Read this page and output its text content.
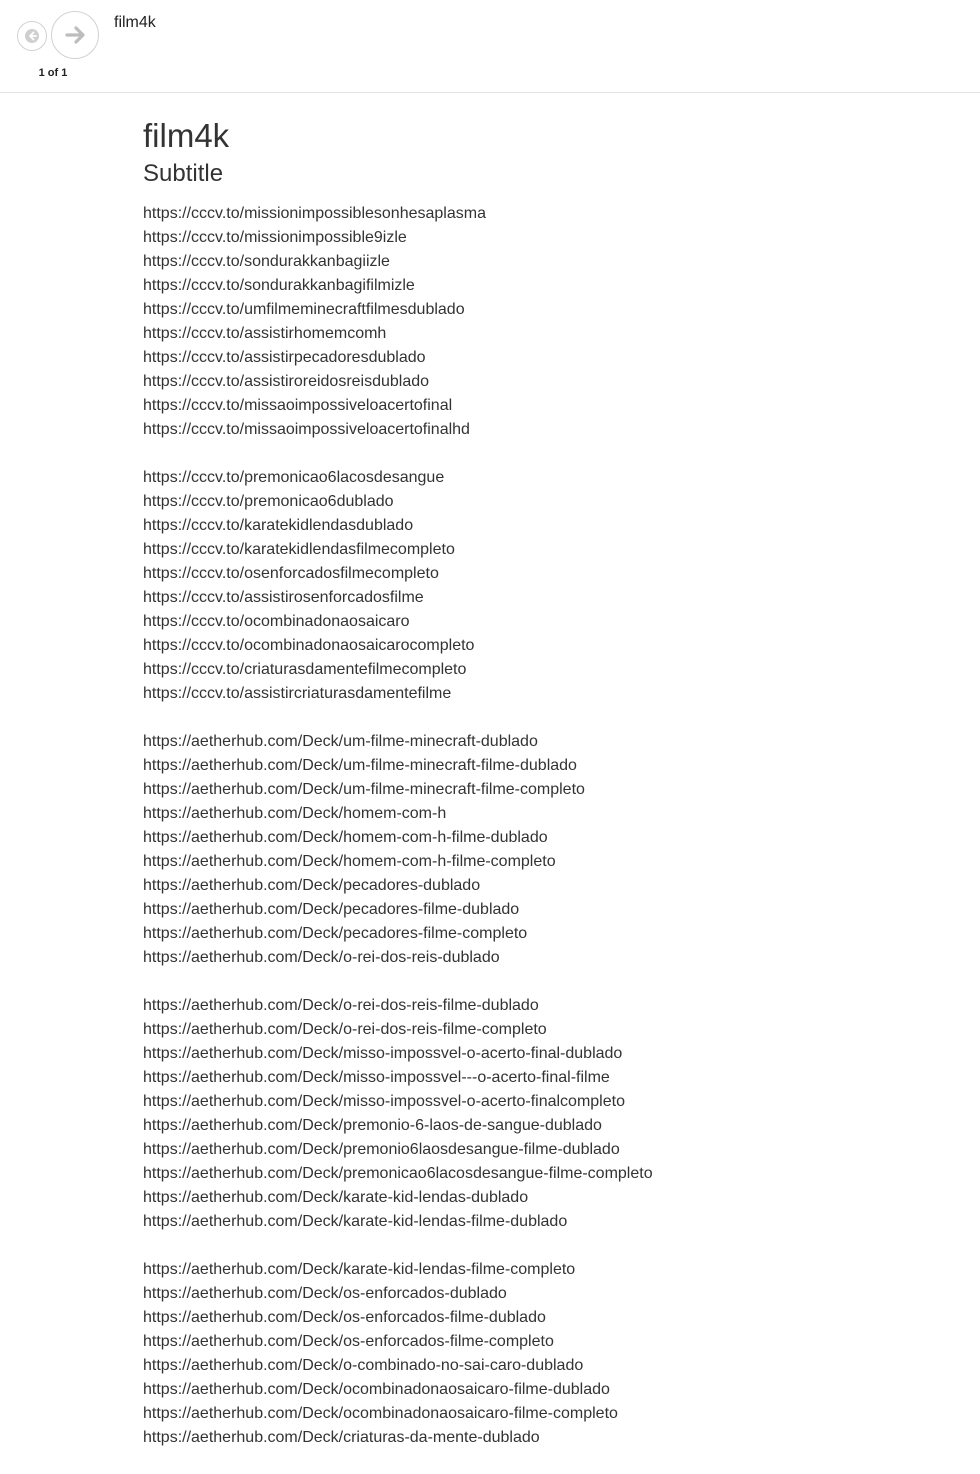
1 of 1
film4k
film4k
Subtitle
https://cccv.to/missionimpossiblesonhesaplasma
https://cccv.to/missionimpossible9izle
https://cccv.to/sondurakkanbagiizle
https://cccv.to/sondurakkanbagifilmizle
https://cccv.to/umfilmeminecraftfilmesdublado
https://cccv.to/assistirhomemcomh
https://cccv.to/assistirpecadoresdublado
https://cccv.to/assistiroreidosreisdublado
https://cccv.to/missaoimpossiveloacertofinal
https://cccv.to/missaoimpossiveloacertofinalhd
https://cccv.to/premonicao6lacosdesangue
https://cccv.to/premonicao6dublado
https://cccv.to/karatekidlendasdublado
https://cccv.to/karatekidlendasfilmecompleto
https://cccv.to/osenforcadosfilmecompleto
https://cccv.to/assistirosenforcadosfilme
https://cccv.to/ocombinadonaosaicaro
https://cccv.to/ocombinadonaosaicarocompleto
https://cccv.to/criaturasdamentefilmecompleto
https://cccv.to/assistircriaturasdamentefilme
https://aetherhub.com/Deck/um-filme-minecraft-dublado
https://aetherhub.com/Deck/um-filme-minecraft-filme-dublado
https://aetherhub.com/Deck/um-filme-minecraft-filme-completo
https://aetherhub.com/Deck/homem-com-h
https://aetherhub.com/Deck/homem-com-h-filme-dublado
https://aetherhub.com/Deck/homem-com-h-filme-completo
https://aetherhub.com/Deck/pecadores-dublado
https://aetherhub.com/Deck/pecadores-filme-dublado
https://aetherhub.com/Deck/pecadores-filme-completo
https://aetherhub.com/Deck/o-rei-dos-reis-dublado
https://aetherhub.com/Deck/o-rei-dos-reis-filme-dublado
https://aetherhub.com/Deck/o-rei-dos-reis-filme-completo
https://aetherhub.com/Deck/misso-impossvel-o-acerto-final-dublado
https://aetherhub.com/Deck/misso-impossvel---o-acerto-final-filme
https://aetherhub.com/Deck/misso-impossvel-o-acerto-finalcompleto
https://aetherhub.com/Deck/premonio-6-laos-de-sangue-dublado
https://aetherhub.com/Deck/premonio6laosdesangue-filme-dublado
https://aetherhub.com/Deck/premonicao6lacosdesangue-filme-completo
https://aetherhub.com/Deck/karate-kid-lendas-dublado
https://aetherhub.com/Deck/karate-kid-lendas-filme-dublado
https://aetherhub.com/Deck/karate-kid-lendas-filme-completo
https://aetherhub.com/Deck/os-enforcados-dublado
https://aetherhub.com/Deck/os-enforcados-filme-dublado
https://aetherhub.com/Deck/os-enforcados-filme-completo
https://aetherhub.com/Deck/o-combinado-no-sai-caro-dublado
https://aetherhub.com/Deck/ocombinadonaosaicaro-filme-dublado
https://aetherhub.com/Deck/ocombinadonaosaicaro-filme-completo
https://aetherhub.com/Deck/criaturas-da-mente-dublado
